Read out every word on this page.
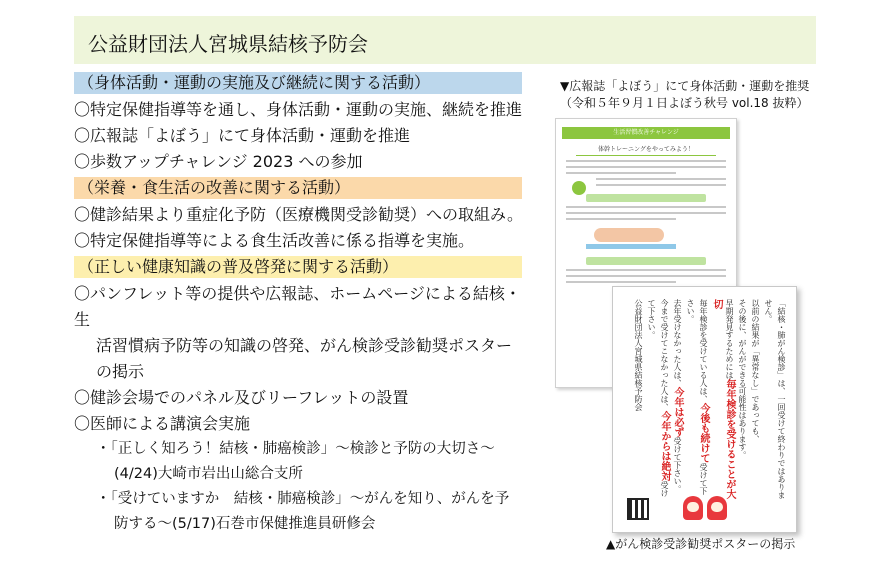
公益財団法人宮城県結核予防会
（身体活動・運動の実施及び継続に関する活動）
〇特定保健指導等を通し、身体活動・運動の実施、継続を推進
〇広報誌「よぼう」にて身体活動・運動を推進
〇歩数アップチャレンジ 2023 への参加
（栄養・食生活の改善に関する活動）
〇健診結果より重症化予防（医療機関受診勧奨）への取組み。
〇特定保健指導等による食生活改善に係る指導を実施。
（正しい健康知識の普及啓発に関する活動）
〇パンフレット等の提供や広報誌、ホームページによる結核・生
活習慣病予防等の知識の啓発、がん検診受診勧奨ポスター
の掲示
〇健診会場でのパネル及びリーフレットの設置
〇医師による講演会実施
・「正しく知ろう！結核・肺癌検診」～検診と予防の大切さ～
(4/24)大崎市岩出山総合支所
・「受けていますか　結核・肺癌検診」～がんを知り、がんを予
防する～(5/17)石巻市保健推進員研修会
▼広報誌「よぼう」にて身体活動・運動を推奨
（令和５年９月１日よぼう秋号 vol.18 抜粋）
生活習慣改善チャレンジ
体幹トレーニングをやってみよう！
「結核・肺がん検診」は、一回受けて終わりではありません。
以前の結果が「異常なし」であっても、
その後に、がんができる可能性はあります。
早期発見するためには毎年検診を受けることが大切
毎年検診を受けている人は、今後も続けて受けて下さい。
去年受けなかった人は、今年は必ず受けて下さい。
今まで受けてこなかった人は、今年からは絶対受けて下さい。
公益財団法人宮城県結核予防会
▲がん検診受診勧奨ポスターの掲示
